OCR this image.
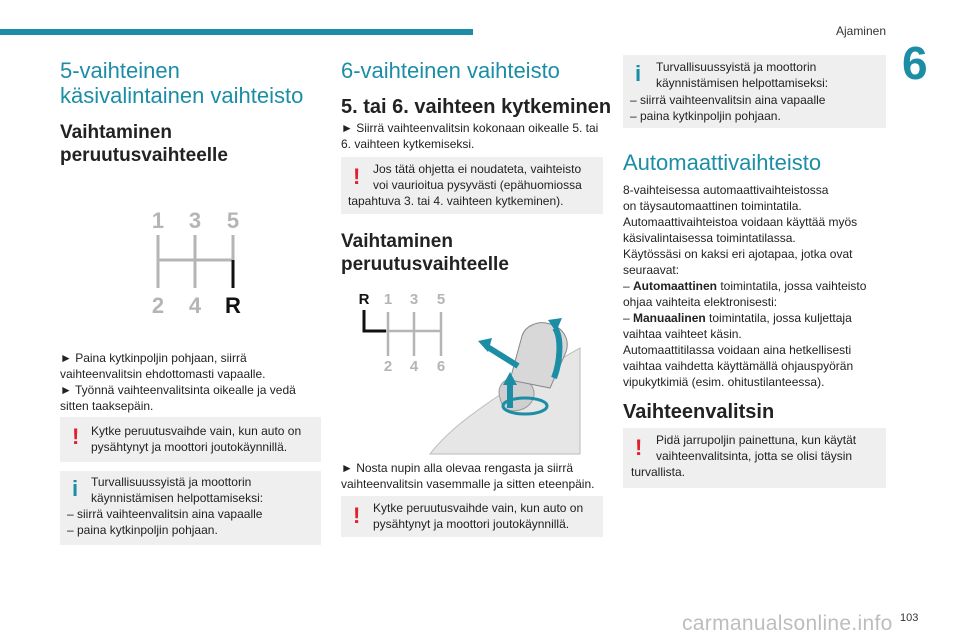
Ajaminen
6
5-vaihteinen
käsivalintainen vaihteisto
Vaihtaminen
peruutusvaihteelle
1 3 5
2 4 R
► Paina kytkinpoljin pohjaan, siirrä
vaihteenvalitsin ehdottomasti vapaalle.
► Työnnä vaihteenvalitsinta oikealle ja vedä
sitten taaksepäin.
! Kytke peruutusvaihde vain, kun auto on
pysähtynyt ja moottori joutokäynnillä.
i Turvallisuussyistä ja moottorin
käynnistämisen helpottamiseksi:
– siirrä vaihteenvalitsin aina vapaalle
– paina kytkinpoljin pohjaan.
6-vaihteinen vaihteisto
5. tai 6. vaihteen kytkeminen
► Siirrä vaihteenvalitsin kokonaan oikealle 5. tai
6. vaihteen kytkemiseksi.
! Jos tätä ohjetta ei noudateta, vaihteisto
voi vaurioitua pysyvästi (epähuomiossa
tapahtuva 3. tai 4. vaihteen kytkeminen).
Vaihtaminen
peruutusvaihteelle
R 1 3 5
2 4 6
► Nosta nupin alla olevaa rengasta ja siirrä
vaihteenvalitsin vasemmalle ja sitten eteenpäin.
! Kytke peruutusvaihde vain, kun auto on
pysähtynyt ja moottori joutokäynnillä.
i Turvallisuussyistä ja moottorin
käynnistämisen helpottamiseksi:
– siirrä vaihteenvalitsin aina vapaalle
– paina kytkinpoljin pohjaan.
Automaattivaihteisto
8-vaihteisessa automaattivaihteistossa
on täysautomaattinen toimintatila.
Automaattivaihteistoa voidaan käyttää myös
käsivalintaisessa toimintatilassa.
Käytössäsi on kaksi eri ajotapaa, jotka ovat
seuraavat:
– Automaattinen toimintatila, jossa vaihteisto
ohjaa vaihteita elektronisesti:
– Manuaalinen toimintatila, jossa kuljettaja
vaihtaa vaihteet käsin.
Automaattitilassa voidaan aina hetkellisesti
vaihtaa vaihdetta käyttämällä ohjauspyörän
vipukytkimiä (esim. ohitustilanteessa).
Vaihteenvalitsin
! Pidä jarrupoljin painettuna, kun käytät
vaihteenvalitsinta, jotta se olisi täysin
turvallista.
carmanualsonline.info 103
